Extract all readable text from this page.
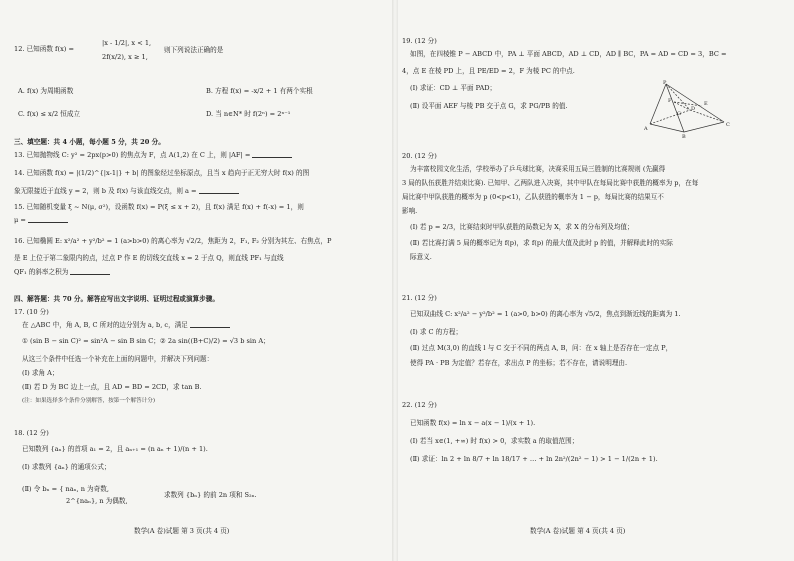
12. 已知函数 f(x) =
|x - 1/2|, x < 1,
2f(x/2), x ≥ 1,
则下列说法正确的是
A. f(x) 为周期函数	B. 方程 f(x) = -x/2 + 1 有两个实根
C. f(x) ≤ x/2 恒成立	D. 当 n∈N* 时 f(2ⁿ) = 2ⁿ⁻¹
三、填空题：共 4 小题，每小题 5 分，共 20 分。
13. 已知抛物线 C: y² = 2px(p>0) 的焦点为 F，点 A(1,2) 在 C 上，则 |AF| =
14. 已知函数 f(x) = |(1/2)^{|x-1|} + b| 的图象经过坐标原点，且当 x 趋向于正无穷大时 f(x) 的图
象无限接近于直线 y = 2，则 b 及 f(x) 与该直线交点，则 a =
15. 已知随机变量 ξ ~ N(μ, σ²)，设函数 f(x) = P(ξ ≤ x + 2)，且 f(x) 满足 f(x) + f(-x) = 1，则
μ =
16. 已知椭圆 E: x²/a² + y²/b² = 1 (a>b>0) 的离心率为 √2/2，焦距为 2，F₁, F₂ 分别为其左、右焦点，P
是 E 上位于第二象限内的点，过点 P 作 E 的切线交直线 x = 2 于点 Q，则直线 PF₁ 与直线
QF₁ 的斜率之积为
四、解答题：共 70 分。解答应写出文字说明、证明过程或演算步骤。
17. (10 分)
在 △ABC 中，角 A, B, C 所对的边分别为 a, b, c，满足
① (sin B − sin C)² = sin²A − sin B sin C；② 2a sin((B+C)/2) = √3 b sin A；
从这三个条件中任选一个补充在上面的问题中，并解决下列问题：
(Ⅰ) 求角 A；
(Ⅱ) 若 D 为 BC 边上一点，且 AD = BD = 2CD，求 tan B.
(注：如果选择多个条件分别解答，按第一个解答计分)
18. (12 分)
已知数列 {aₙ} 的首项 a₁ = 2，且 aₙ₊₁ = (n aₙ + 1)/(n + 1).
(Ⅰ) 求数列 {aₙ} 的通项公式；
(Ⅱ) 令 bₙ = { naₙ, n 为奇数,
2^{naₙ}, n 为偶数,
求数列 {bₙ} 的前 2n 项和 S₂ₙ.
数学(A 卷)试题 第 3 页(共 4 页)
19. (12 分)
如图，在四棱锥 P − ABCD 中，PA ⊥ 平面 ABCD，AD ⊥ CD，AD ∥ BC，PA = AD = CD = 3，BC =
4，点 E 在棱 PD 上，且 PE/ED = 2，F 为棱 PC 的中点.
(Ⅰ) 求证：CD ⊥ 平面 PAD；
(Ⅱ) 设平面 AEF 与棱 PB 交于点 G，求 PG/PB 的值.
P
E
F
G
A
B
C
D
20. (12 分)
为丰富校园文化生活，学校举办了乒乓球比赛，决赛采用五局三胜制的比赛规则 (先赢得
3 局的队伍获胜并结束比赛). 已知甲、乙两队进入决赛，其中甲队在每局比赛中获胜的概率为 p，在每
局比赛中甲队获胜的概率为 p (0<p<1)，乙队获胜的概率为 1 − p，每局比赛的结果互不
影响.
(Ⅰ) 若 p = 2/3，比赛结束时甲队获胜的局数记为 X，求 X 的分布列及均值；
(Ⅱ) 若比赛打满 5 局的概率记为 f(p)，求 f(p) 的最大值及此时 p 的值，并解释此时的实际
际意义.
21. (12 分)
已知双曲线 C: x²/a² − y²/b² = 1 (a>0, b>0) 的离心率为 √5/2，焦点到渐近线的距离为 1.
(Ⅰ) 求 C 的方程；
(Ⅱ) 过点 M(3,0) 的直线 l 与 C 交于不同的两点 A, B，问：在 x 轴上是否存在一定点 P，
使得 PA · PB 为定值？若存在，求出点 P 的坐标；若不存在，请说明理由.
22. (12 分)
已知函数 f(x) = ln x − a(x − 1)/(x + 1).
(Ⅰ) 若当 x∈(1, +∞) 时 f(x) > 0，求实数 a 的取值范围；
(Ⅱ) 求证：ln 2 + ln 8/7 + ln 18/17 + … + ln 2n²/(2n² − 1) > 1 − 1/(2n + 1).
数学(A 卷)试题 第 4 页(共 4 页)
